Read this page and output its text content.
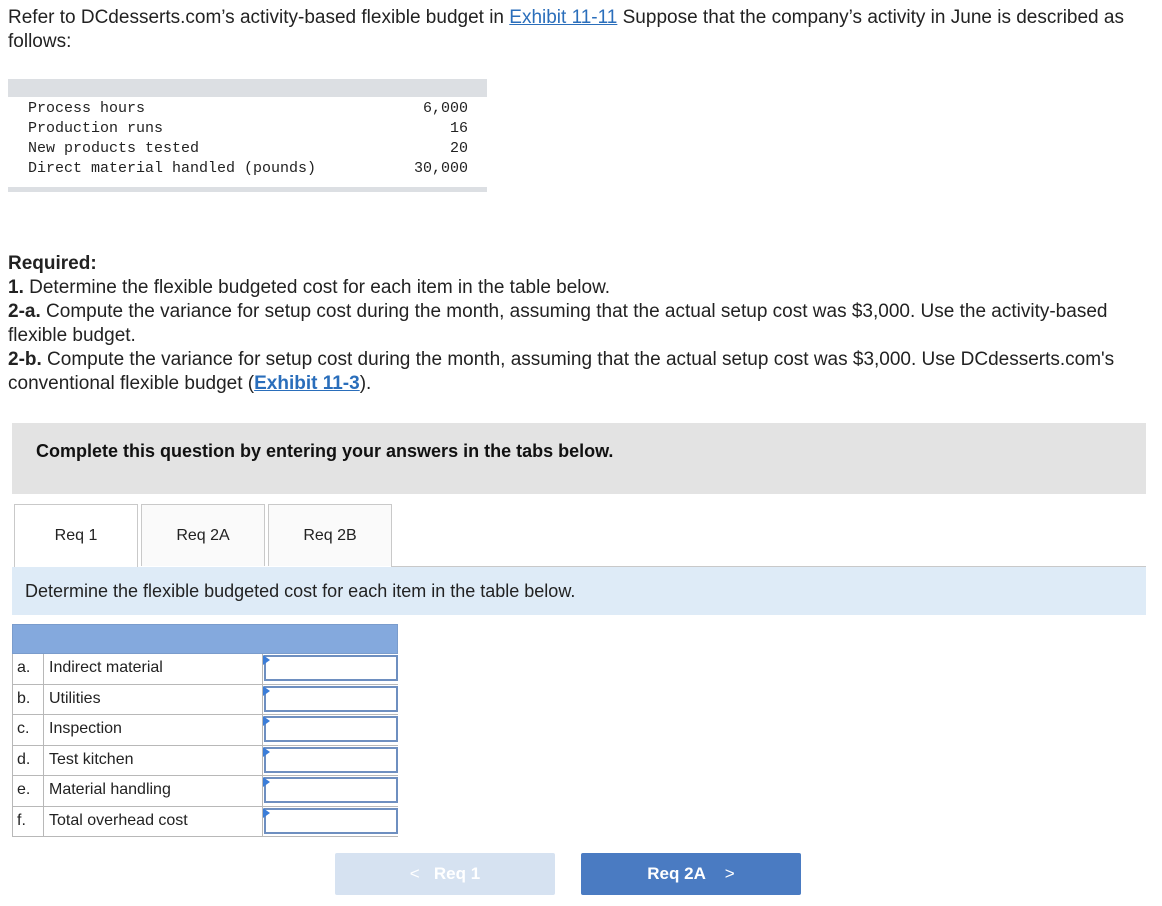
Refer to DCdesserts.com’s activity-based flexible budget in Exhibit 11-11 Suppose that the company’s activity in June is described as follows:
Process hours	6,000
Production runs	16
New products tested	20
Direct material handled (pounds)	30,000
Required:
1. Determine the flexible budgeted cost for each item in the table below.
2-a. Compute the variance for setup cost during the month, assuming that the actual setup cost was $3,000. Use the activity-based flexible budget.
2-b. Compute the variance for setup cost during the month, assuming that the actual setup cost was $3,000. Use DCdesserts.com's conventional flexible budget (Exhibit 11-3).
Complete this question by entering your answers in the tabs below.
Req 1	Req 2A	Req 2B
Determine the flexible budgeted cost for each item in the table below.
a. Indirect material
b. Utilities
c. Inspection
d. Test kitchen
e. Material handling
f. Total overhead cost
< Req 1	Req 2A >
